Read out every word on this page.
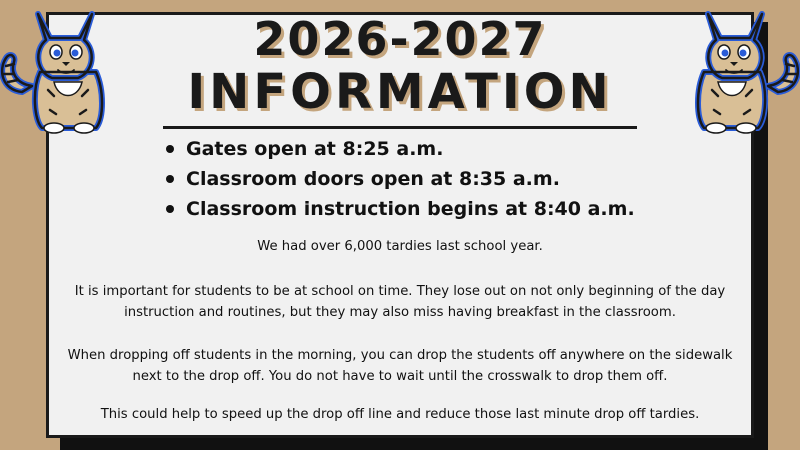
2026-2027
INFORMATION
Gates open at 8:25 a.m.
Classroom doors open at 8:35 a.m.
Classroom instruction begins at 8:40 a.m.

We had over 6,000 tardies last school year.

It is important for students to be at school on time. They lose out on not only beginning of the day instruction and routines, but they may also miss having breakfast in the classroom.

When dropping off students in the morning, you can drop the students off anywhere on the sidewalk next to the drop off. You do not have to wait until the crosswalk to drop them off.

This could help to speed up the drop off line and reduce those last minute drop off tardies.
